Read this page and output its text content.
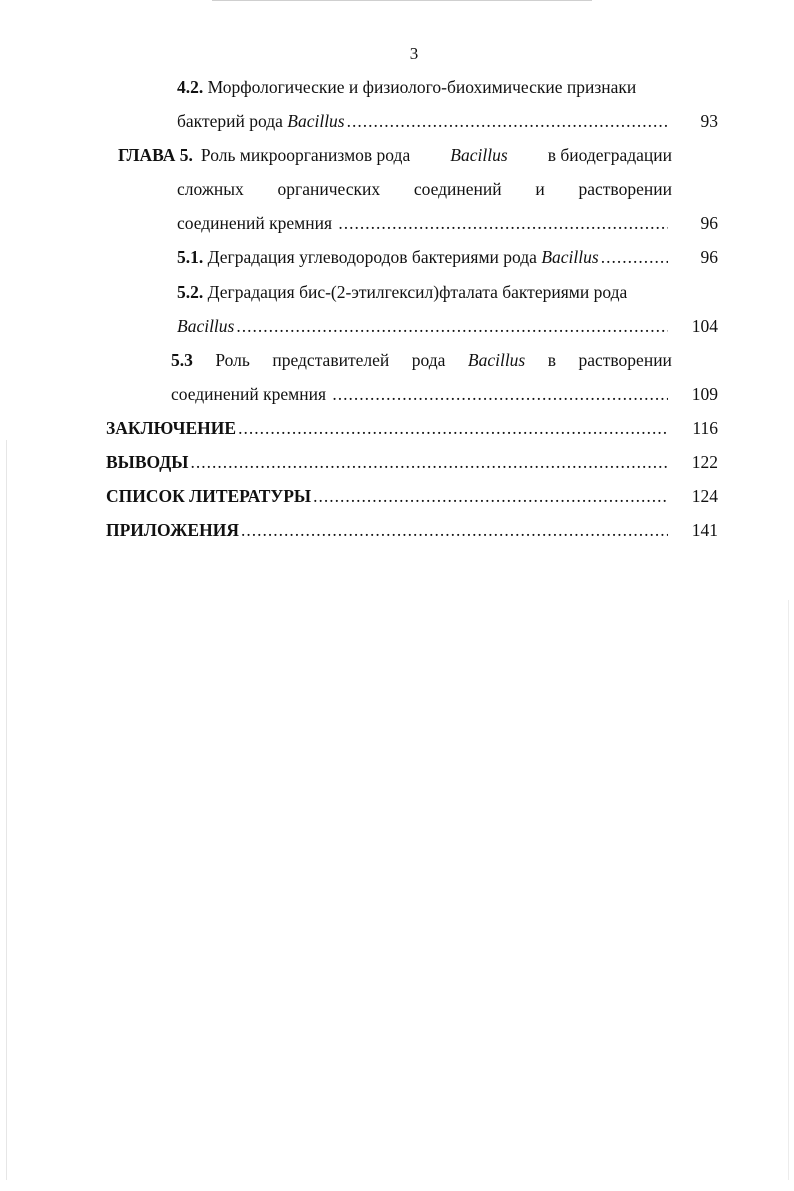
3
4.2.
Морфологические и физиолого-биохимические признаки
бактерий рода Bacillus .....	93
ГЛАВА 5. Роль микроорганизмов рода Bacillus в биодеградации
сложных органических соединений и растворении
соединений кремния .....	96
5.1.
Деградация углеводородов бактериями рода Bacillus .....	96
5.2.
Деградация бис-(2-этилгексил)фталата бактериями рода
Bacillus .....	104
5.3 Роль представителей рода Bacillus в растворении
соединений кремния .....	109
ЗАКЛЮЧЕНИЕ .....	116
ВЫВОДЫ .....	122
СПИСОК ЛИТЕРАТУРЫ .....	124
ПРИЛОЖЕНИЯ .....	141
